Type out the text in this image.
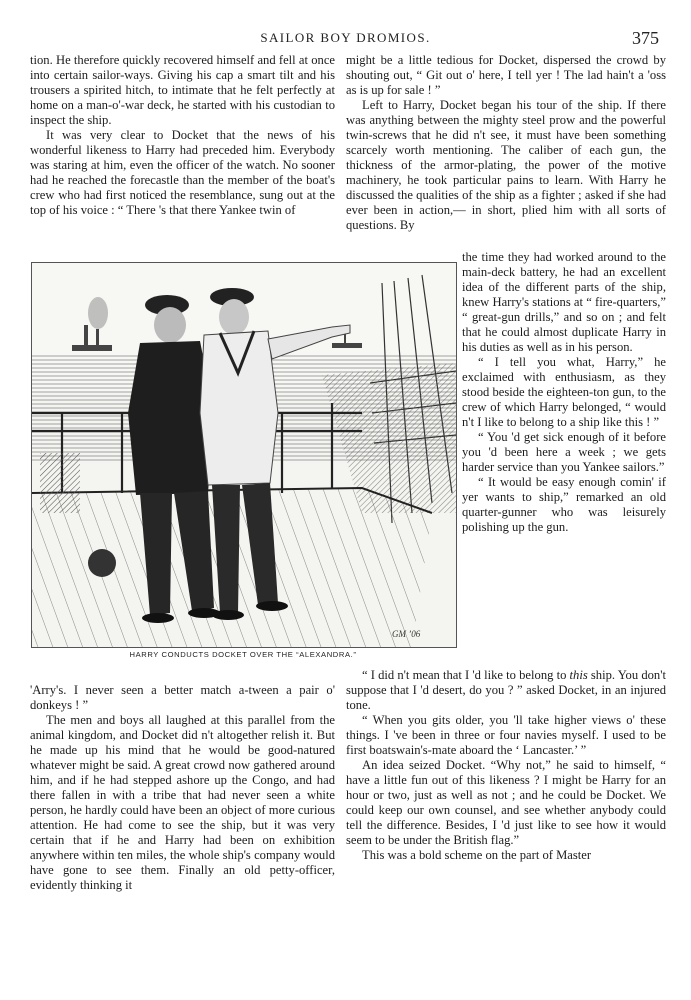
SAILOR BOY DROMIOS.	375

tion. He therefore quickly recovered himself and fell at once into certain sailor-ways. Giving his cap a smart tilt and his trousers a spirited hitch, to intimate that he felt perfectly at home on a man-o'-war deck, he started with his custodian to inspect the ship.

It was very clear to Docket that the news of his wonderful likeness to Harry had preceded him. Everybody was staring at him, even the officer of the watch. No sooner had he reached the forecastle than the member of the boat's crew who had first noticed the resemblance, sung out at the top of his voice : “ There 's that there Yankee twin of

might be a little tedious for Docket, dispersed the crowd by shouting out, “ Git out o' here, I tell yer ! The lad hain't a 'oss as is up for sale ! ”

Left to Harry, Docket began his tour of the ship. If there was anything between the mighty steel prow and the powerful twin-screws that he did n't see, it must have been something scarcely worth mentioning. The caliber of each gun, the thickness of the armor-plating, the power of the motive machinery, he took particular pains to learn. With Harry he discussed the qualities of the ship as a fighter ; asked if she had ever been in action,— in short, plied him with all sorts of questions. By

GM ’06
HARRY CONDUCTS DOCKET OVER THE “ALEXANDRA.”

the time they had worked around to the main-deck battery, he had an excellent idea of the different parts of the ship, knew Harry's stations at “ fire-quarters,” “ great-gun drills,” and so on ; and felt that he could almost duplicate Harry in his duties as well as in his person.

“ I tell you what, Harry,” he exclaimed with enthusiasm, as they stood beside the eighteen-ton gun, to the crew of which Harry belonged, “ would n't I like to belong to a ship like this ! ”

“ You 'd get sick enough of it before you 'd been here a week ; we gets harder service than you Yankee sailors.”

“ It would be easy enough comin' if yer wants to ship,” remarked an old quarter-gunner who was leisurely polishing up the gun.

'Arry's. I never seen a better match a-tween a pair o' donkeys ! ”

The men and boys all laughed at this parallel from the animal kingdom, and Docket did n't altogether relish it. But he made up his mind that he would be good-natured whatever might be said. A great crowd now gathered around him, and if he had stepped ashore up the Congo, and had there fallen in with a tribe that had never seen a white person, he hardly could have been an object of more curious attention. He had come to see the ship, but it was very certain that if he and Harry had been on exhibition anywhere within ten miles, the whole ship's company would have gone to see them. Finally an old petty-officer, evidently thinking it

“ I did n't mean that I 'd like to belong to this ship. You don't suppose that I 'd desert, do you ? ” asked Docket, in an injured tone.

“ When you gits older, you 'll take higher views o' these things. I 've been in three or four navies myself. I used to be first boatswain's-mate aboard the ‘ Lancaster.’ ”

An idea seized Docket. “Why not,” he said to himself, “ have a little fun out of this likeness ? I might be Harry for an hour or two, just as well as not ; and he could be Docket. We could keep our own counsel, and see whether anybody could tell the difference. Besides, I 'd just like to see how it would seem to be under the British flag.”

This was a bold scheme on the part of Master
